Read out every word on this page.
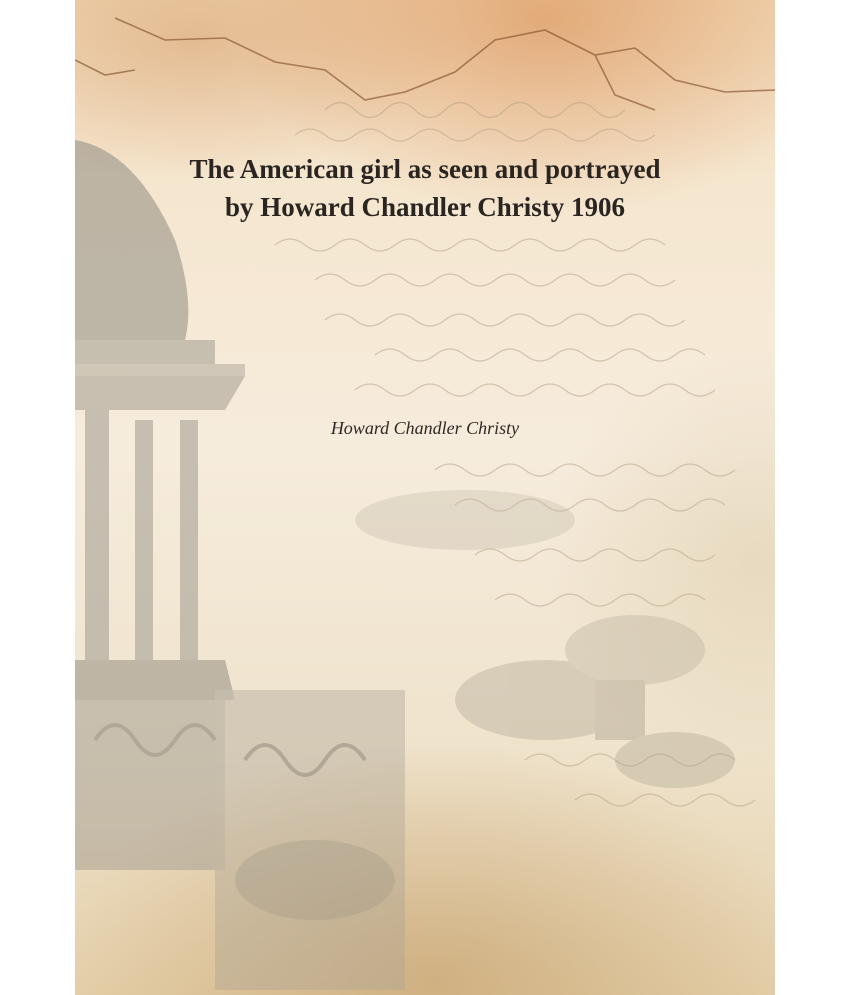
The American girl as seen and portrayed
by Howard Chandler Christy 1906
Howard Chandler Christy
